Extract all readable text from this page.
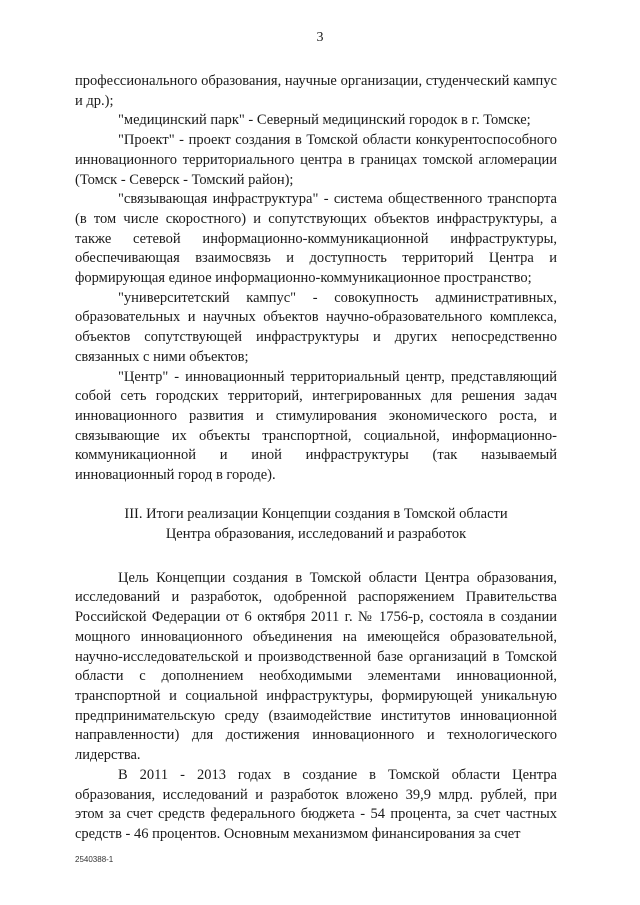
3

профессионального образования, научные организации, студенческий кампус и др.);

"медицинский парк" - Северный медицинский городок в г. Томске;

"Проект" - проект создания в Томской области конкурентоспособного инновационного территориального центра в границах томской агломерации (Томск - Северск - Томский район);

"связывающая инфраструктура" - система общественного транспорта (в том числе скоростного) и сопутствующих объектов инфраструктуры, а также сетевой информационно-коммуникационной инфраструктуры, обеспечивающая взаимосвязь и доступность территорий Центра и формирующая единое информационно-коммуникационное пространство;

"университетский кампус" - совокупность административных, образовательных и научных объектов научно-образовательного комплекса, объектов сопутствующей инфраструктуры и других непосредственно связанных с ними объектов;

"Центр" - инновационный территориальный центр, представляющий собой сеть городских территорий, интегрированных для решения задач инновационного развития и стимулирования экономического роста, и связывающие их объекты транспортной, социальной, информационно-коммуникационной и иной инфраструктуры (так называемый инновационный город в городе).

III. Итоги реализации Концепции создания в Томской области
Центра образования, исследований и разработок

Цель Концепции создания в Томской области Центра образования, исследований и разработок, одобренной распоряжением Правительства Российской Федерации от 6 октября 2011 г. № 1756-р, состояла в создании мощного инновационного объединения на имеющейся образовательной, научно-исследовательской и производственной базе организаций в Томской области с дополнением необходимыми элементами инновационной, транспортной и социальной инфраструктуры, формирующей уникальную предпринимательскую среду (взаимодействие институтов инновационной направленности) для достижения инновационного и технологического лидерства.

В 2011 - 2013 годах в создание в Томской области Центра образования, исследований и разработок вложено 39,9 млрд. рублей, при этом за счет средств федерального бюджета - 54 процента, за счет частных средств - 46 процентов. Основным механизмом финансирования за счет

2540388-1
